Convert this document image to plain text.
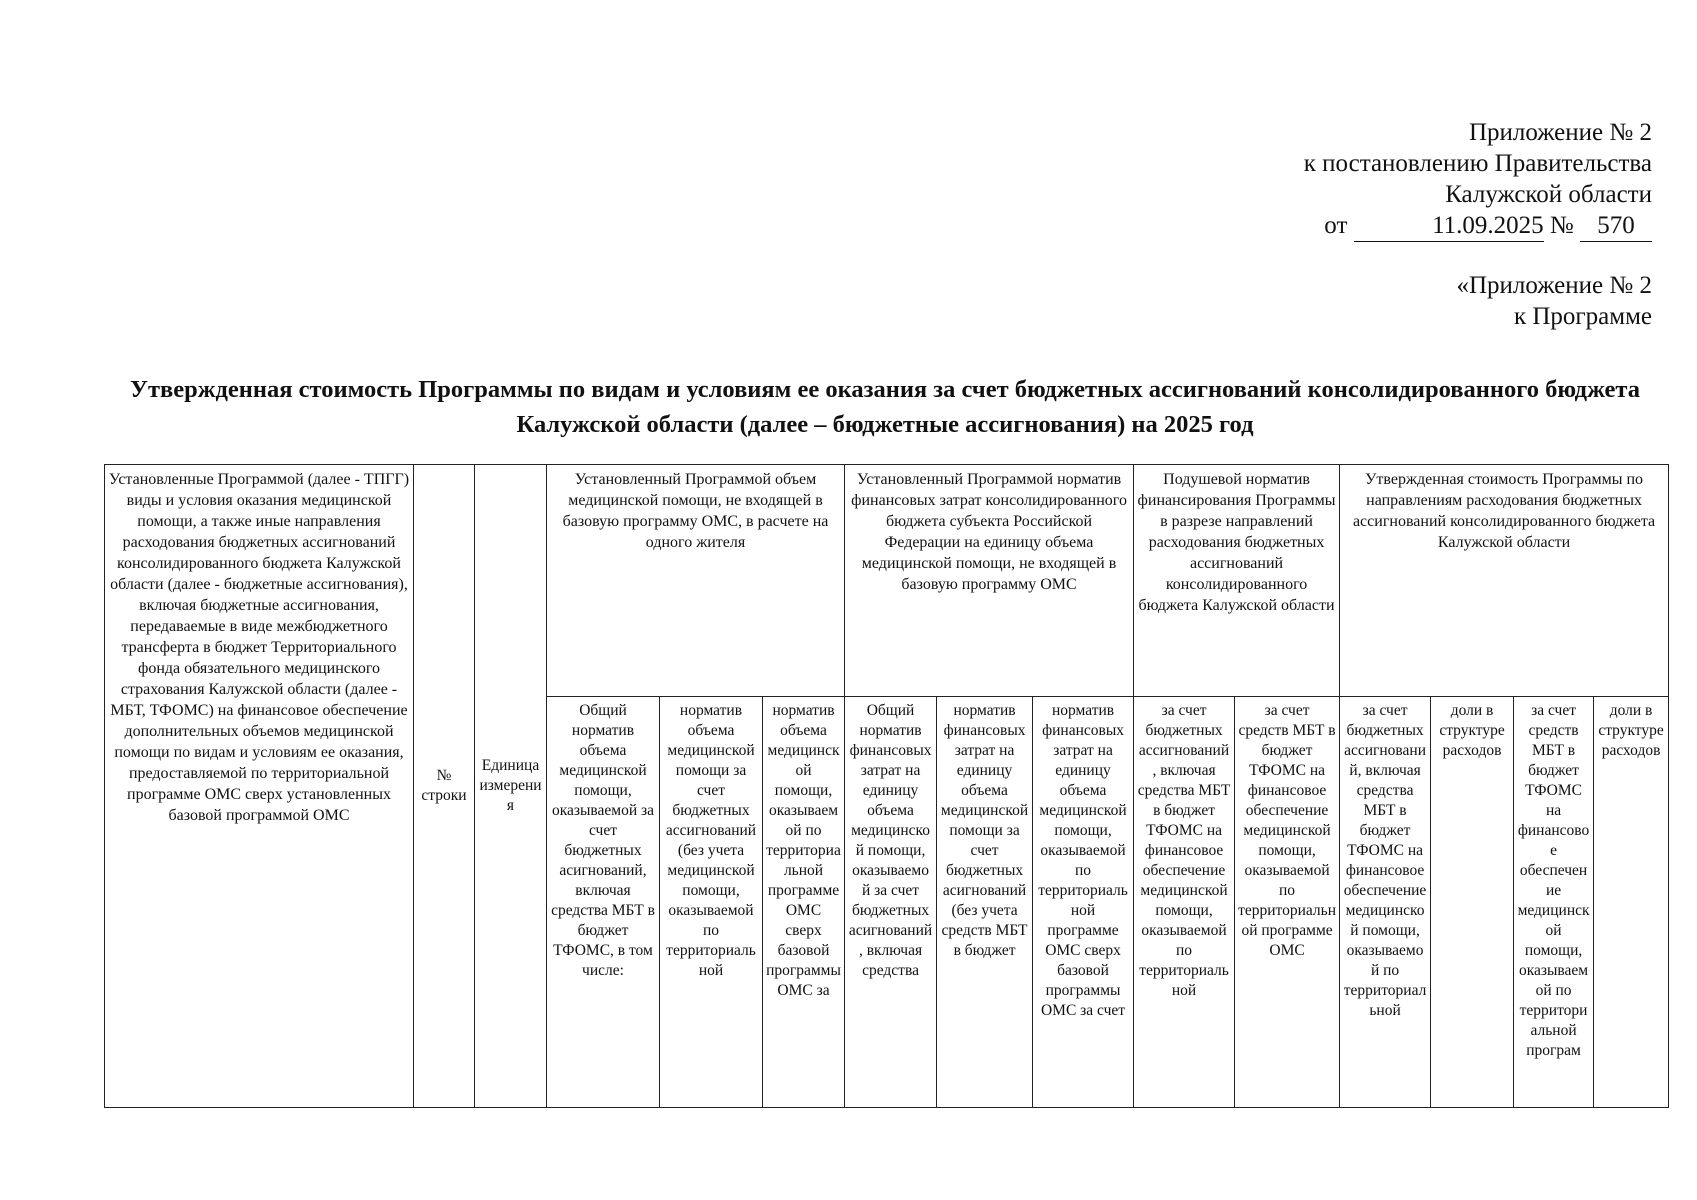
Приложение № 2
к постановлению Правительства
Калужской области
от	11.09.2025 № 570
«Приложение № 2
к Программе
Утвержденная стоимость Программы по видам и условиям ее оказания за счет бюджетных ассигнований консолидированного бюджета Калужской области (далее – бюджетные ассигнования) на 2025 год
Установленные Программой (далее - ТПГГ) виды и условия оказания медицинской помощи, а также иные направления расходования бюджетных ассигнований консолидированного бюджета Калужской области (далее - бюджетные ассигнования), включая бюджетные ассигнования, передаваемые в виде межбюджетного трансферта в бюджет Территориального фонда обязательного медицинского страхования Калужской области (далее - МБТ, ТФОМС) на финансовое обеспечение дополнительных объемов медицинской помощи по видам и условиям ее оказания, предоставляемой по территориальной программе ОМС сверх установленных базовой программой ОМС	№ строки	Единица измерения	Установленный Программой объем медицинской помощи, не входящей в базовую программу ОМС, в расчете на одного жителя			Установленный Программой норматив финансовых затрат консолидированного бюджета субъекта Российской Федерации на единицу объема медицинской помощи, не входящей в базовую программу ОМС			Подушевой норматив финансирования Программы в разрезе направлений расходования бюджетных ассигнований консолидированного бюджета Калужской области		Утвержденная стоимость Программы по направлениям расходования бюджетных ассигнований консолидированного бюджета Калужской области			
			Общий норматив объема медицинской помощи, оказываемой за счет бюджетных асигнований, включая средства МБТ в бюджет ТФОМС, в том числе:	норматив объема медицинской помощи за счет бюджетных ассигнований (без учета медицинской помощи, оказываемой по территориальной	норматив объема медицинской помощи, оказываемой по территориальной программе ОМС сверх базовой программы ОМС за	Общий норматив финансовых затрат на единицу объема медицинской помощи, оказываемой за счет бюджетных асигнований, включая средства	норматив финансовых затрат на единицу объема медицинской помощи за счет бюджетных асигнований (без учета средств МБТ в бюджет	норматив финансовых затрат на единицу объема медицинской помощи, оказываемой по территориальной программе ОМС сверх базовой программы ОМС за счет	за счет бюджетных ассигнований, включая средства МБТ в бюджет ТФОМС на финансовое обеспечение медицинской помощи, оказываемой по территориальной	за счет средств МБТ в бюджет ТФОМС на финансовое обеспечение медицинской помощи, оказываемой по территориальной программе ОМС	за счет бюджетных ассигнований, включая средства МБТ в бюджет ТФОМС на финансовое обеспечение медицинской помощи, оказываемой по территориальной	доли в структуре расходов	за счет средств МБТ в бюджет ТФОМС на финансовое обеспечение медицинской помощи, оказываемой по территориальной програм	доли в структуре расходов
